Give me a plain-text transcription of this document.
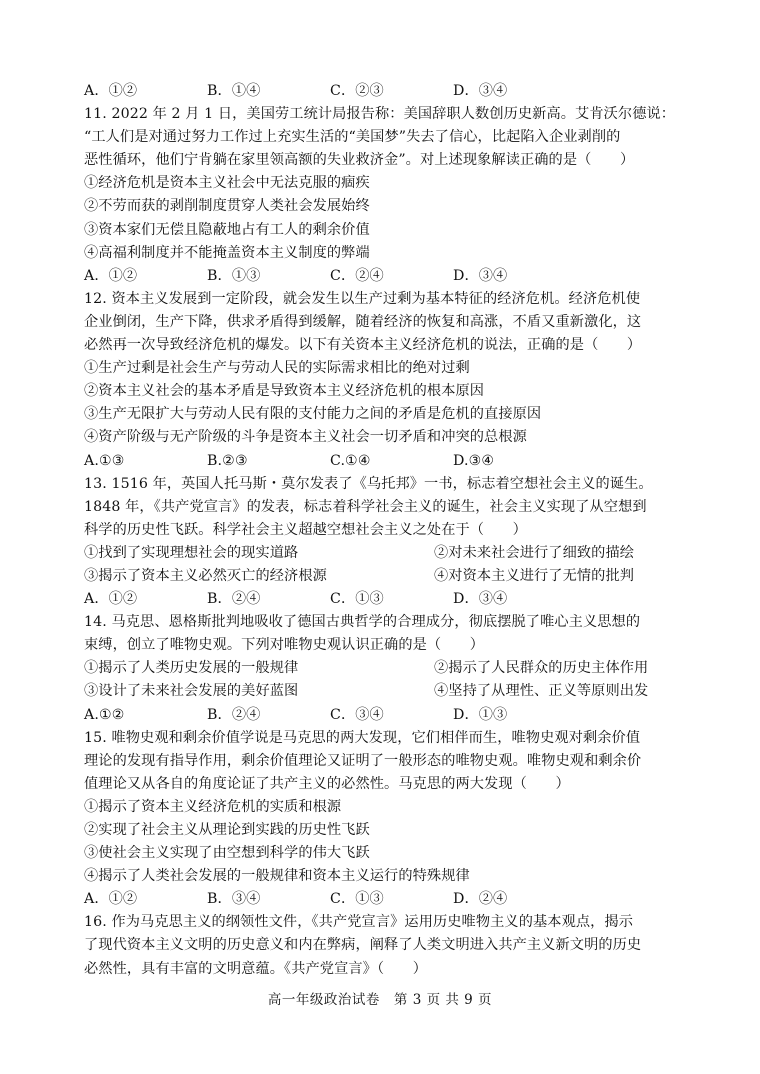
A．①②	B．①④	C．②③	D．③④
11. 2022 年 2 月 1 日，美国劳工统计局报告称：美国辞职人数创历史新高。艾肯沃尔德说：
“工人们是对通过努力工作过上充实生活的“美国梦”失去了信心，比起陷入企业剥削的
恶性循环，他们宁肯躺在家里领高额的失业救济金”。对上述现象解读正确的是（　　）
①经济危机是资本主义社会中无法克服的痼疾
②不劳而获的剥削制度贯穿人类社会发展始终
③资本家们无偿且隐蔽地占有工人的剩余价值
④高福利制度并不能掩盖资本主义制度的弊端
A．①②	B．①③	C．②④	D．③④
12. 资本主义发展到一定阶段，就会发生以生产过剩为基本特征的经济危机。经济危机使
企业倒闭，生产下降，供求矛盾得到缓解，随着经济的恢复和高涨，不盾又重新激化，这
必然再一次导致经济危机的爆发。以下有关资本主义经济危机的说法，正确的是（　　）
①生产过剩是社会生产与劳动人民的实际需求相比的绝对过剩
②资本主义社会的基本矛盾是导致资本主义经济危机的根本原因
③生产无限扩大与劳动人民有限的支付能力之间的矛盾是危机的直接原因
④资产阶级与无产阶级的斗争是资本主义社会一切矛盾和冲突的总根源
A.①③	B.②③	C.①④	D.③④
13. 1516 年，英国人托马斯・莫尔发表了《乌托邦》一书，标志着空想社会主义的诞生。
1848 年，《共产党宣言》的发表，标志着科学社会主义的诞生，社会主义实现了从空想到
科学的历史性飞跃。科学社会主义超越空想社会主义之处在于（　　）
①找到了实现理想社会的现实道路	②对未来社会进行了细致的描绘
③揭示了资本主义必然灭亡的经济根源	④对资本主义进行了无情的批判
A．①②	B．②④	C．①③	D．③④
14. 马克思、恩格斯批判地吸收了德国古典哲学的合理成分，彻底摆脱了唯心主义思想的
束缚，创立了唯物史观。下列对唯物史观认识正确的是（　　）
①揭示了人类历史发展的一般规律	②揭示了人民群众的历史主体作用
③设计了未来社会发展的美好蓝图	④坚持了从理性、正义等原则出发
A.①②	B．②④	C．③④	D．①③
15. 唯物史观和剩余价值学说是马克思的两大发现，它们相伴而生，唯物史观对剩余价值
理论的发现有指导作用，剩余价值理论又证明了一般形态的唯物史观。唯物史观和剩余价
值理论又从各自的角度论证了共产主义的必然性。马克思的两大发现（　　）
①揭示了资本主义经济危机的实质和根源
②实现了社会主义从理论到实践的历史性飞跃
③使社会主义实现了由空想到科学的伟大飞跃
④揭示了人类社会发展的一般规律和资本主义运行的特殊规律
A．①②	B．③④	C．①③	D．②④
16. 作为马克思主义的纲领性文件，《共产党宣言》运用历史唯物主义的基本观点，揭示
了现代资本主义文明的历史意义和内在弊病，阐释了人类文明进入共产主义新文明的历史
必然性，具有丰富的文明意蕴。《共产党宣言》（　　）
高一年级政治试卷　第 3 页 共 9 页
